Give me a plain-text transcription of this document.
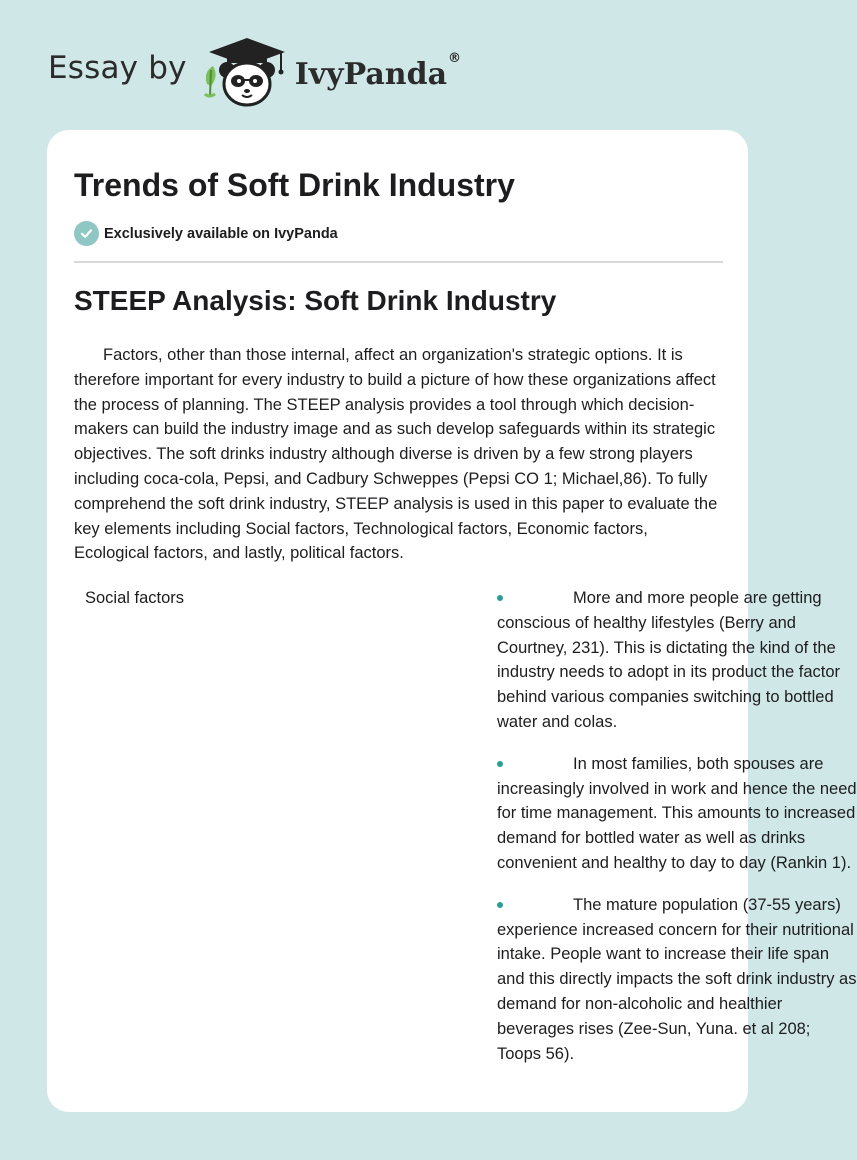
Essay by	IvyPanda®
Trends of Soft Drink Industry
Exclusively available on IvyPanda
STEEP Analysis: Soft Drink Industry

Factors, other than those internal, affect an organization's strategic options. It is therefore important for every industry to build a picture of how these organizations affect the process of planning. The STEEP analysis provides a tool through which decision-makers can build the industry image and as such develop safeguards within its strategic objectives. The soft drinks industry although diverse is driven by a few strong players including coca-cola, Pepsi, and Cadbury Schweppes (Pepsi CO 1; Michael,86). To fully comprehend the soft drink industry, STEEP analysis is used in this paper to evaluate the key elements including Social factors, Technological factors, Economic factors, Ecological factors, and lastly, political factors.

Social factors	More and more people are getting conscious of healthy lifestyles (Berry and Courtney, 231). This is dictating the kind of the industry needs to adopt in its product the factor behind various companies switching to bottled water and colas.
In most families, both spouses are increasingly involved in work and hence the need for time management. This amounts to increased demand for bottled water as well as drinks convenient and healthy to day to day (Rankin 1).
The mature population (37-55 years) experience increased concern for their nutritional intake. People want to increase their life span and this directly impacts the soft drink industry as demand for non-alcoholic and healthier beverages rises (Zee-Sun, Yuna. et al 208; Toops 56).
